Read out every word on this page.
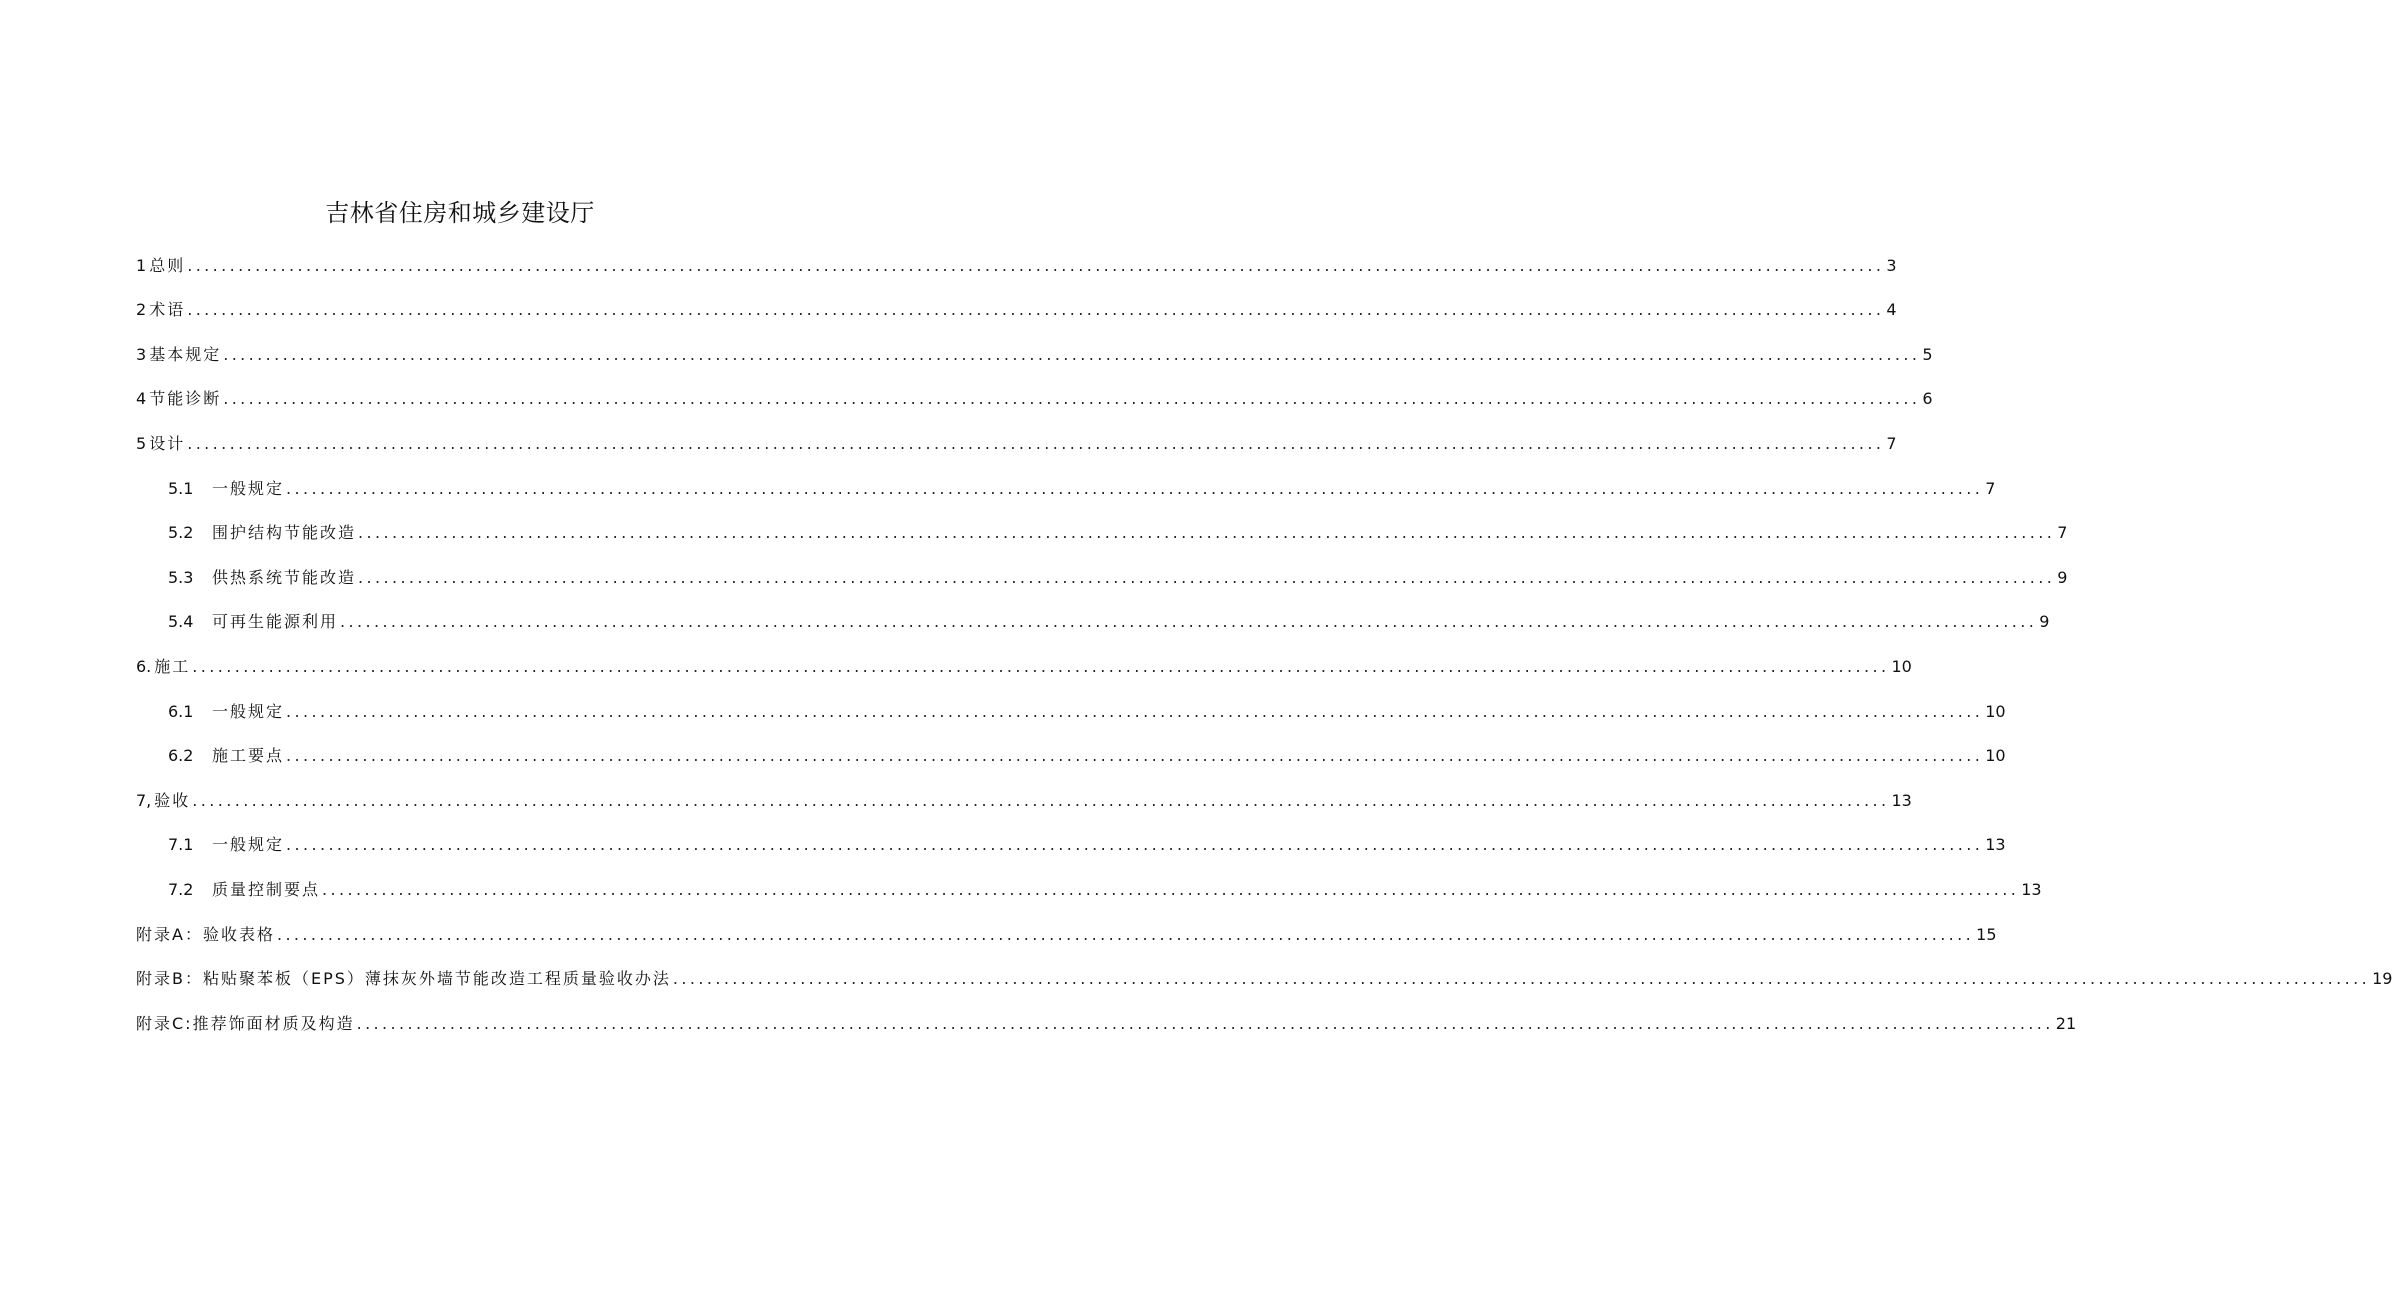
吉林省住房和城乡建设厅
1 总则 ........................................................................................................................................................................................................ 3
2 术语 ........................................................................................................................................................................................................ 4
3 基本规定 ........................................................................................................................................................................................................ 5
4 节能诊断 ........................................................................................................................................................................................................ 6
5 设计 ........................................................................................................................................................................................................ 7
5.1 一般规定 ........................................................................................................................................................................................................ 7
5.2 围护结构节能改造 ........................................................................................................................................................................................................ 7
5.3 供热系统节能改造 ........................................................................................................................................................................................................ 9
5.4 可再生能源利用 ........................................................................................................................................................................................................ 9
6. 施工 ........................................................................................................................................................................................................ 10
6.1 一般规定 ........................................................................................................................................................................................................ 10
6.2 施工要点 ........................................................................................................................................................................................................ 10
7, 验收 ........................................................................................................................................................................................................ 13
7.1 一般规定 ........................................................................................................................................................................................................ 13
7.2 质量控制要点 ........................................................................................................................................................................................................ 13
附录A：验收表格 ........................................................................................................................................................................................................ 15
附录B：粘贴聚苯板（EPS）薄抹灰外墙节能改造工程质量验收办法 ........................................................................................................................................................................................................ 19
附录C:推荐饰面材质及构造 ........................................................................................................................................................................................................ 21
